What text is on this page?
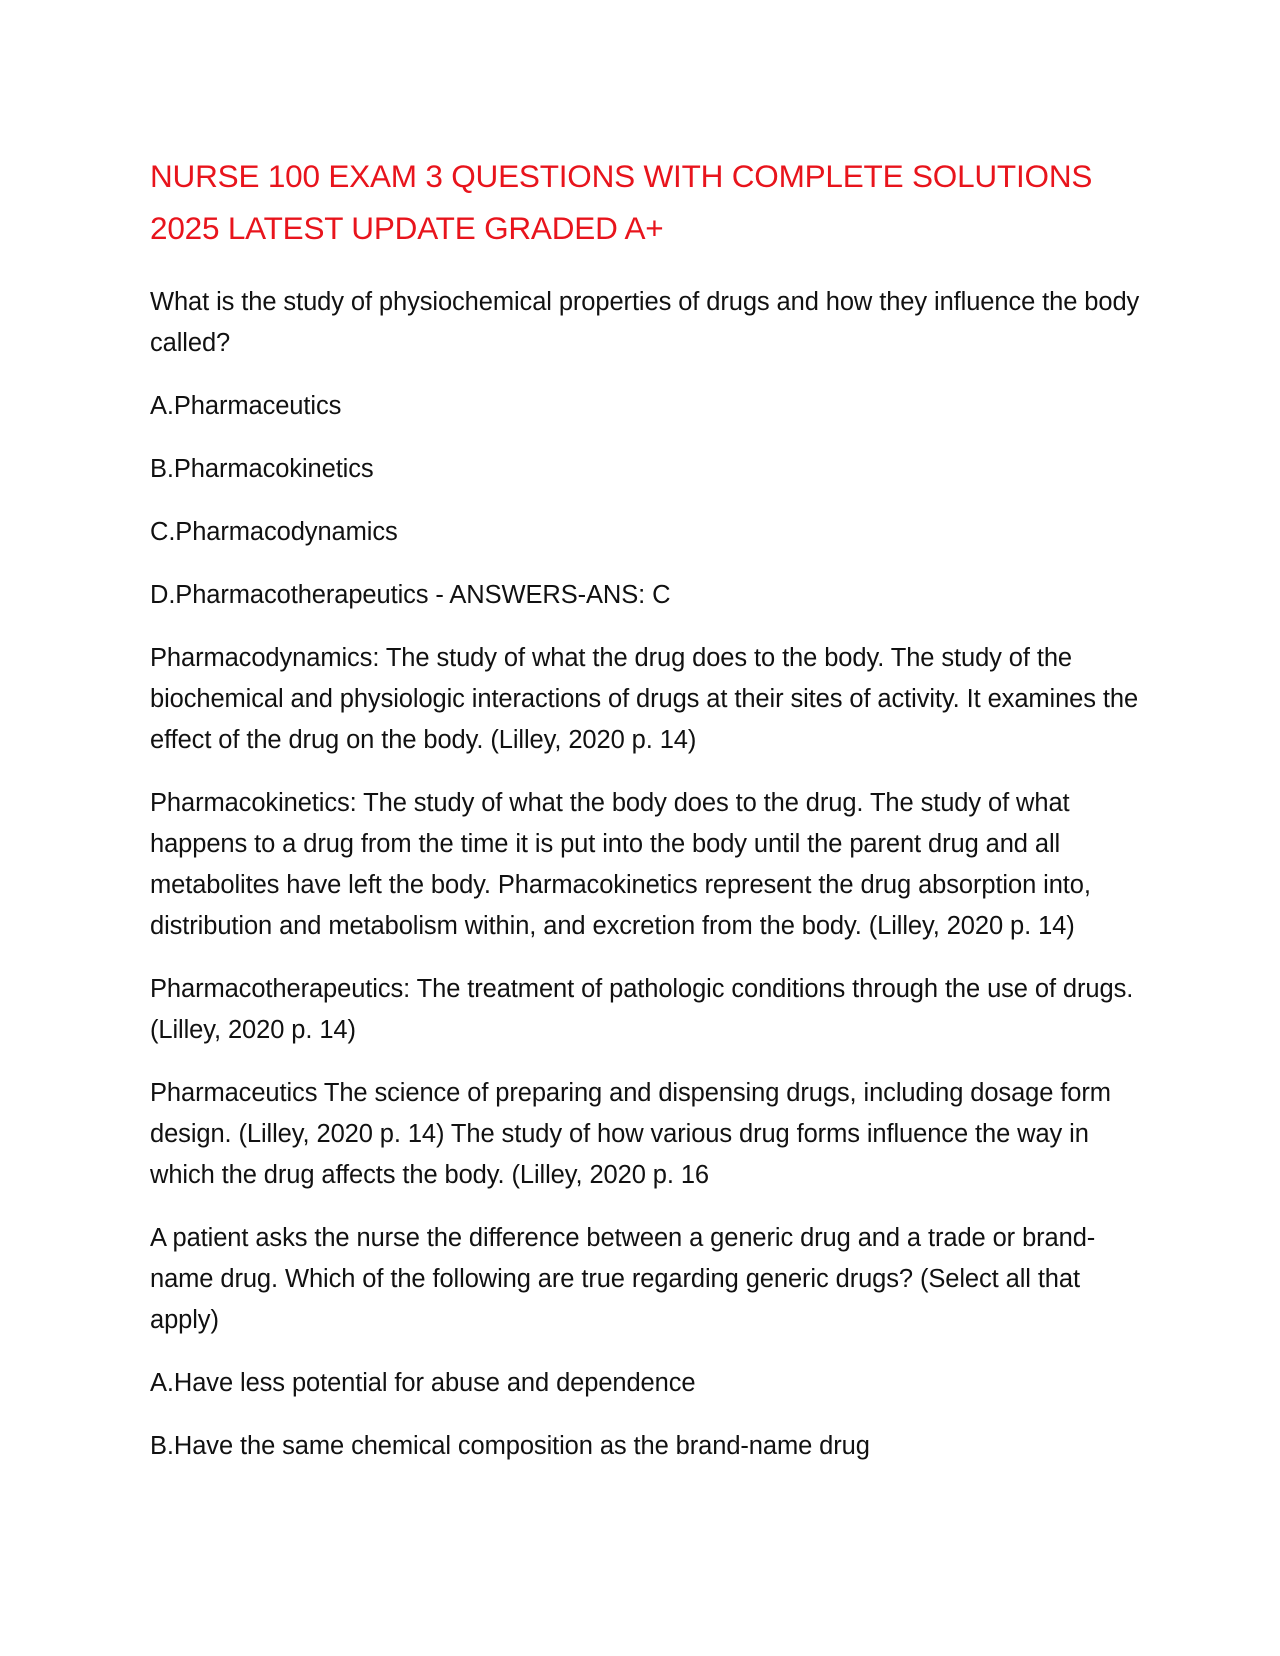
NURSE 100 EXAM 3 QUESTIONS WITH COMPLETE SOLUTIONS 2025 LATEST UPDATE GRADED A+

What is the study of physiochemical properties of drugs and how they influence the body called?

A.Pharmaceutics

B.Pharmacokinetics

C.Pharmacodynamics

D.Pharmacotherapeutics - ANSWERS-ANS: C

Pharmacodynamics: The study of what the drug does to the body. The study of the biochemical and physiologic interactions of drugs at their sites of activity. It examines the effect of the drug on the body. (Lilley, 2020 p. 14)

Pharmacokinetics: The study of what the body does to the drug. The study of what happens to a drug from the time it is put into the body until the parent drug and all metabolites have left the body. Pharmacokinetics represent the drug absorption into, distribution and metabolism within, and excretion from the body. (Lilley, 2020 p. 14)

Pharmacotherapeutics: The treatment of pathologic conditions through the use of drugs. (Lilley, 2020 p. 14)

Pharmaceutics The science of preparing and dispensing drugs, including dosage form design. (Lilley, 2020 p. 14) The study of how various drug forms influence the way in which the drug affects the body. (Lilley, 2020 p. 16

A patient asks the nurse the difference between a generic drug and a trade or brand-name drug. Which of the following are true regarding generic drugs? (Select all that apply)

A.Have less potential for abuse and dependence

B.Have the same chemical composition as the brand-name drug
